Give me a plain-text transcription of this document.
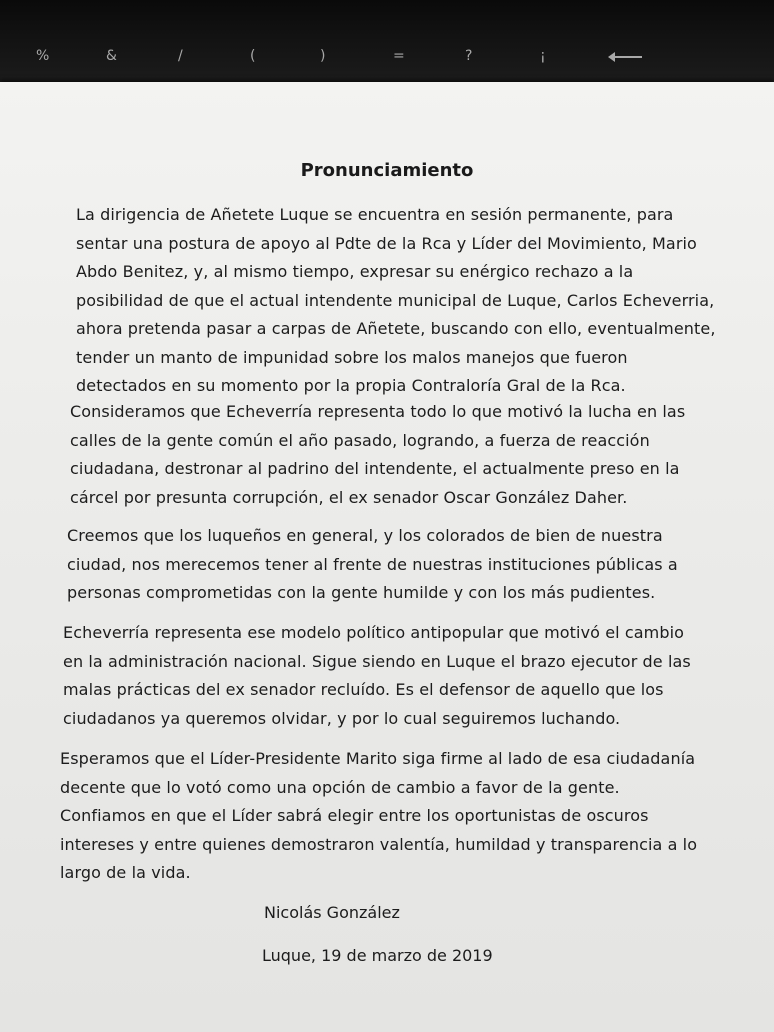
%	&	/	(	)	=	?	¡
Pronunciamiento
La dirigencia de Añetete Luque se encuentra en sesión permanente, para
sentar una postura de apoyo al Pdte de la Rca y Líder del Movimiento, Mario
Abdo Benitez, y, al mismo tiempo, expresar su enérgico rechazo a la
posibilidad de que el actual intendente municipal de Luque, Carlos Echeverria,
ahora pretenda pasar a carpas de Añetete, buscando con ello, eventualmente,
tender un manto de impunidad sobre los malos manejos que fueron
detectados en su momento por la propia Contraloría Gral de la Rca.
Consideramos que Echeverría representa todo lo que motivó la lucha en las
calles de la gente común el año pasado, logrando, a fuerza de reacción
ciudadana, destronar al padrino del intendente, el actualmente preso en la
cárcel por presunta corrupción, el ex senador Oscar González Daher.
Creemos que los luqueños en general, y los colorados de bien de nuestra
ciudad, nos merecemos tener al frente de nuestras instituciones públicas a
personas comprometidas con la gente humilde y con los más pudientes.
Echeverría representa ese modelo político antipopular que motivó el cambio
en la administración nacional. Sigue siendo en Luque el brazo ejecutor de las
malas prácticas del ex senador recluído. Es el defensor de aquello que los
ciudadanos ya queremos olvidar, y por lo cual seguiremos luchando.
Esperamos que el Líder-Presidente Marito siga firme al lado de esa ciudadanía
decente que lo votó como una opción de cambio a favor de la gente.
Confiamos en que el Líder sabrá elegir entre los oportunistas de oscuros
intereses y entre quienes demostraron valentía, humildad y transparencia a lo
largo de la vida.
Nicolás González
Luque, 19 de marzo de 2019
